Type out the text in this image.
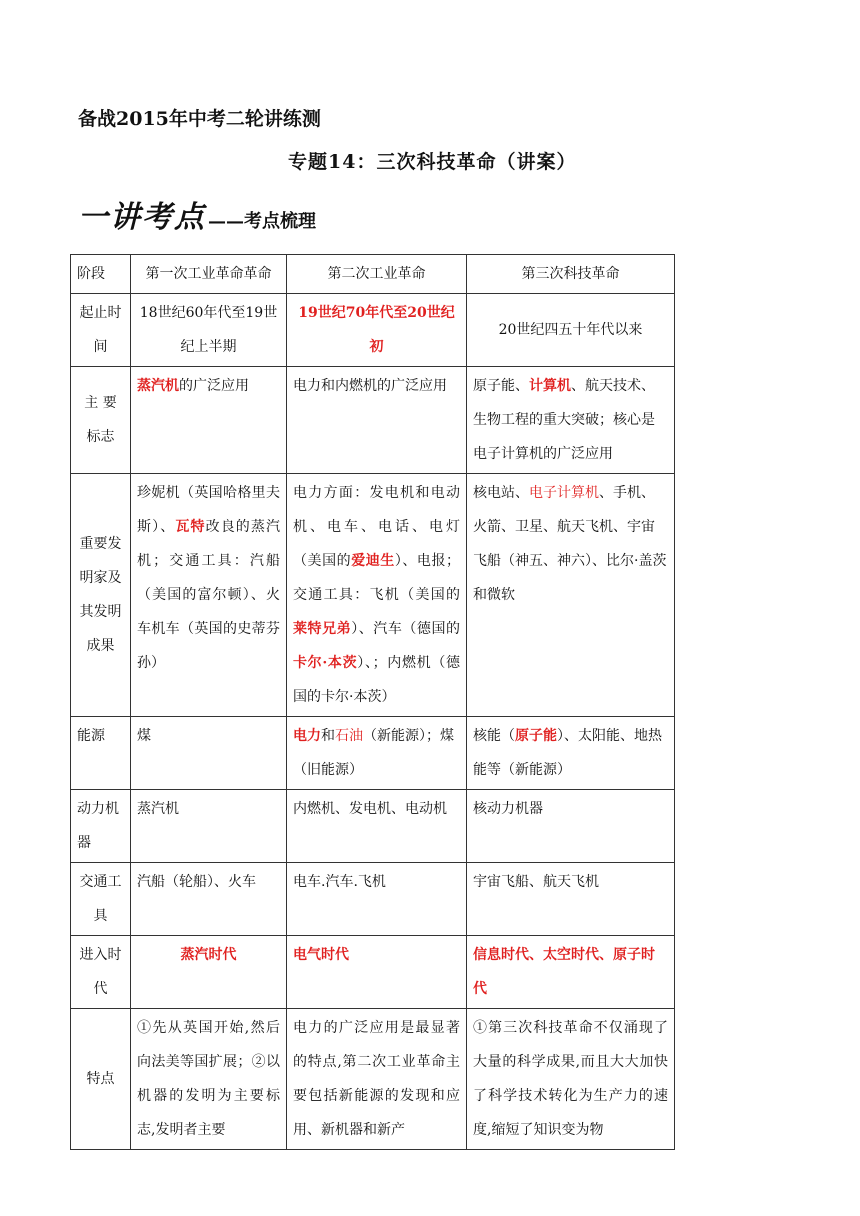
备战2015年中考二轮讲练测
专题14：三次科技革命（讲案）
一讲考点 ——考点梳理
阶段	第一次工业革命革命	第二次工业革命	第三次科技革命
起止时间	18世纪60年代至19世纪上半期	19世纪70年代至20世纪初	20世纪四五十年代以来
主 要 标志	蒸汽机的广泛应用	电力和内燃机的广泛应用	原子能、计算机、航天技术、生物工程的重大突破；核心是电子计算机的广泛应用
重要发明家及其发明成果	珍妮机（英国哈格里夫斯）、瓦特改良的蒸汽机；交通工具：汽船（美国的富尔顿）、火车机车（英国的史蒂芬孙）	电力方面：发电机和电动机、电车、电话、电灯（美国的爱迪生）、电报；交通工具：飞机（美国的莱特兄弟）、汽车（德国的卡尔·本茨）、；内燃机（德国的卡尔·本茨）	核电站、电子计算机、手机、火箭、卫星、航天飞机、宇宙飞船（神五、神六）、比尔·盖茨和微软
能源	煤	电力和石油（新能源）；煤（旧能源）	核能（原子能）、太阳能、地热能等（新能源）
动力机器	蒸汽机	内燃机、发电机、电动机	核动力机器
交通工具	汽船（轮船）、火车	电车.汽车.飞机	宇宙飞船、航天飞机
进入时代	蒸汽时代	电气时代	信息时代、太空时代、原子时代
特点	①先从英国开始,然后向法美等国扩展；②以机器的发明为主要标志,发明者主要	电力的广泛应用是最显著的特点,第二次工业革命主要包括新能源的发现和应用、新机器和新产	①第三次科技革命不仅涌现了大量的科学成果,而且大大加快了科学技术转化为生产力的速度,缩短了知识变为物
